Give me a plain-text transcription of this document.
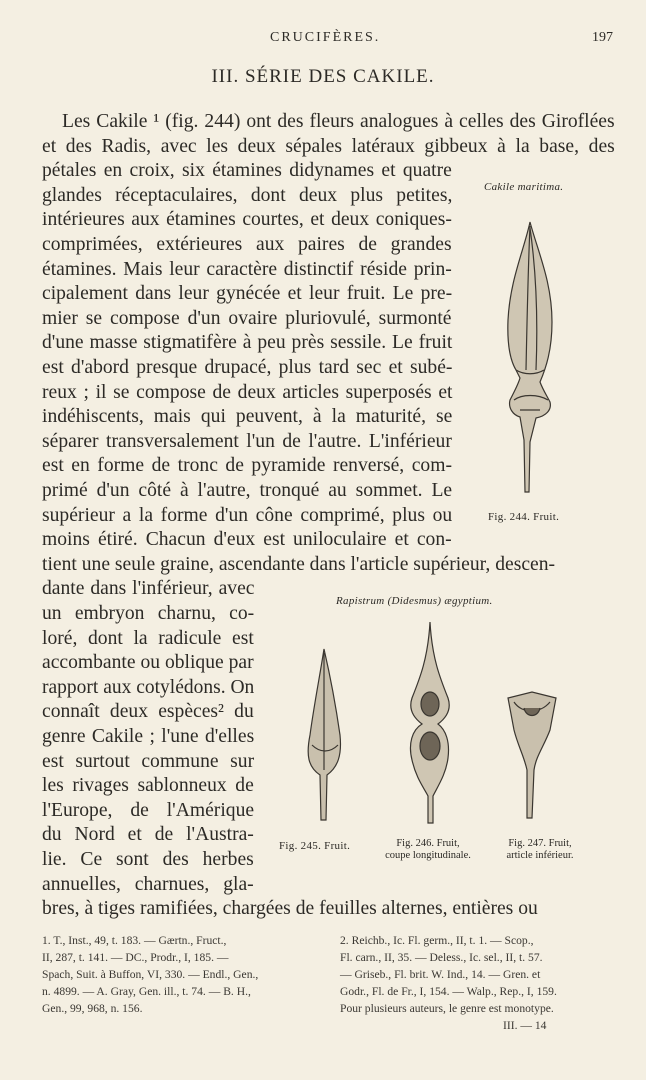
CRUCIFÈRES.	197
III. SÉRIE DES CAKILE.
Les Cakile ¹ (fig. 244) ont des fleurs analogues à celles des Giroflées
et des Radis, avec les deux sépales latéraux gibbeux à la base, des
pétales en croix, six étamines didynames et quatre
glandes réceptaculaires, dont deux plus petites,
intérieures aux étamines courtes, et deux coniques-
comprimées, extérieures aux paires de grandes
étamines. Mais leur caractère distinctif réside prin-
cipalement dans leur gynécée et leur fruit. Le pre-
mier se compose d'un ovaire pluriovulé, surmonté
d'une masse stigmatifère à peu près sessile. Le fruit
est d'abord presque drupacé, plus tard sec et subé-
reux ; il se compose de deux articles superposés et
indéhiscents, mais qui peuvent, à la maturité, se
séparer transversalement l'un de l'autre. L'inférieur
est en forme de tronc de pyramide renversé, com-
primé d'un côté à l'autre, tronqué au sommet. Le
supérieur a la forme d'un cône comprimé, plus ou
moins étiré. Chacun d'eux est uniloculaire et con-
tient une seule graine, ascendante dans l'article supérieur, descen-
dante dans l'inférieur, avec
un embryon charnu, co-
loré, dont la radicule est
accombante ou oblique par
rapport aux cotylédons. On
connaît deux espèces² du
genre Cakile ; l'une d'elles
est surtout commune sur
les rivages sablonneux de
l'Europe, de l'Amérique
du Nord et de l'Austra-
lie. Ce sont des herbes
annuelles, charnues, gla-
bres, à tiges ramifiées, chargées de feuilles alternes, entières ou
Cakile maritima.
Fig. 244. Fruit.
Rapistrum (Didesmus) ægyptium.
Fig. 245. Fruit.	Fig. 246. Fruit,
coupe longitudinale.
Fig. 247. Fruit,
article inférieur.
1. T., Inst., 49, t. 183. — Gærtn., Fruct.,
II, 287, t. 141. — DC., Prodr., I, 185. —
Spach, Suit. à Buffon, VI, 330. — Endl., Gen.,
n. 4899. — A. Gray, Gen. ill., t. 74. — B. H.,
Gen., 99, 968, n. 156.
2. Reichb., Ic. Fl. germ., II, t. 1. — Scop.,
Fl. carn., II, 35. — Deless., Ic. sel., II, t. 57.
— Griseb., Fl. brit. W. Ind., 14. — Gren. et
Godr., Fl. de Fr., I, 154. — Walp., Rep., I, 159.
Pour plusieurs auteurs, le genre est monotype.
III. — 14
